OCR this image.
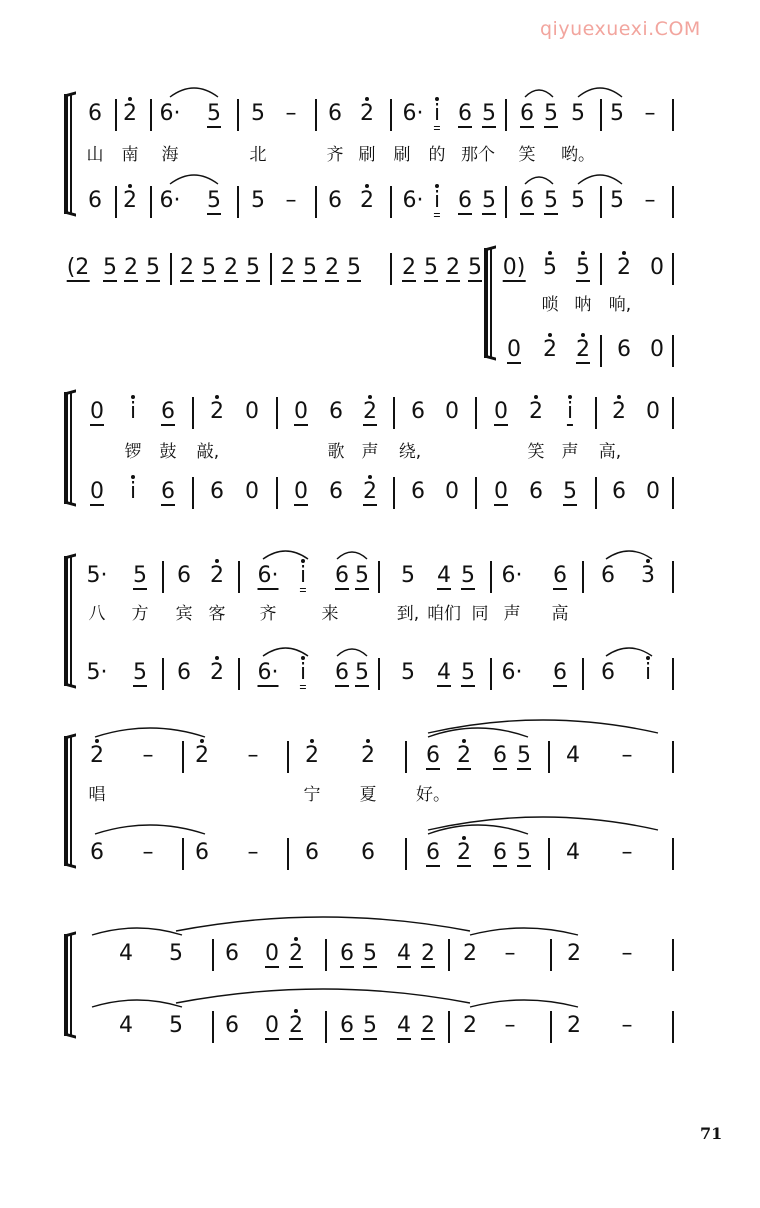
qiyuexuexi.COM
6 2 6· 5 5 – 6 2 6· i 6 5 6 5 5 5 –
6 2 6· 5 5 – 6 2 6· i 6 5 6 5 5 5 –
山 南 海	北	齐 刷 刷 的 那个 笑 哟。
(2 5 2 5 2 5 2 5 2 5 2 5 2 5 2 5 0) 5 5 2 0
0 2 2 6 0
唢 呐 响,
0 i 6 2 0 0 6 2 6 0 0 2 i 2 0
0 i 6 6 0 0 6 2 6 0 0 6 5 6 0
锣 鼓 敲,	歌 声 绕,	笑 声 高,
5· 5 6 2 6· i 6 5 5 4 5 6· 6 6 3
5· 5 6 2 6· i 6 5 5 4 5 6· 6 6 i
八 方 宾 客 齐	来	到, 咱们 同 声 高
2 – 2 – 2 2 6 2 6 5 4 –
6 – 6 – 6 6 6 2 6 5 4 –
唱	宁 夏 好。
4 5 6 0 2 6 5 4 2 2 – 2 –
4 5 6 0 2 6 5 4 2 2 – 2 –
71
